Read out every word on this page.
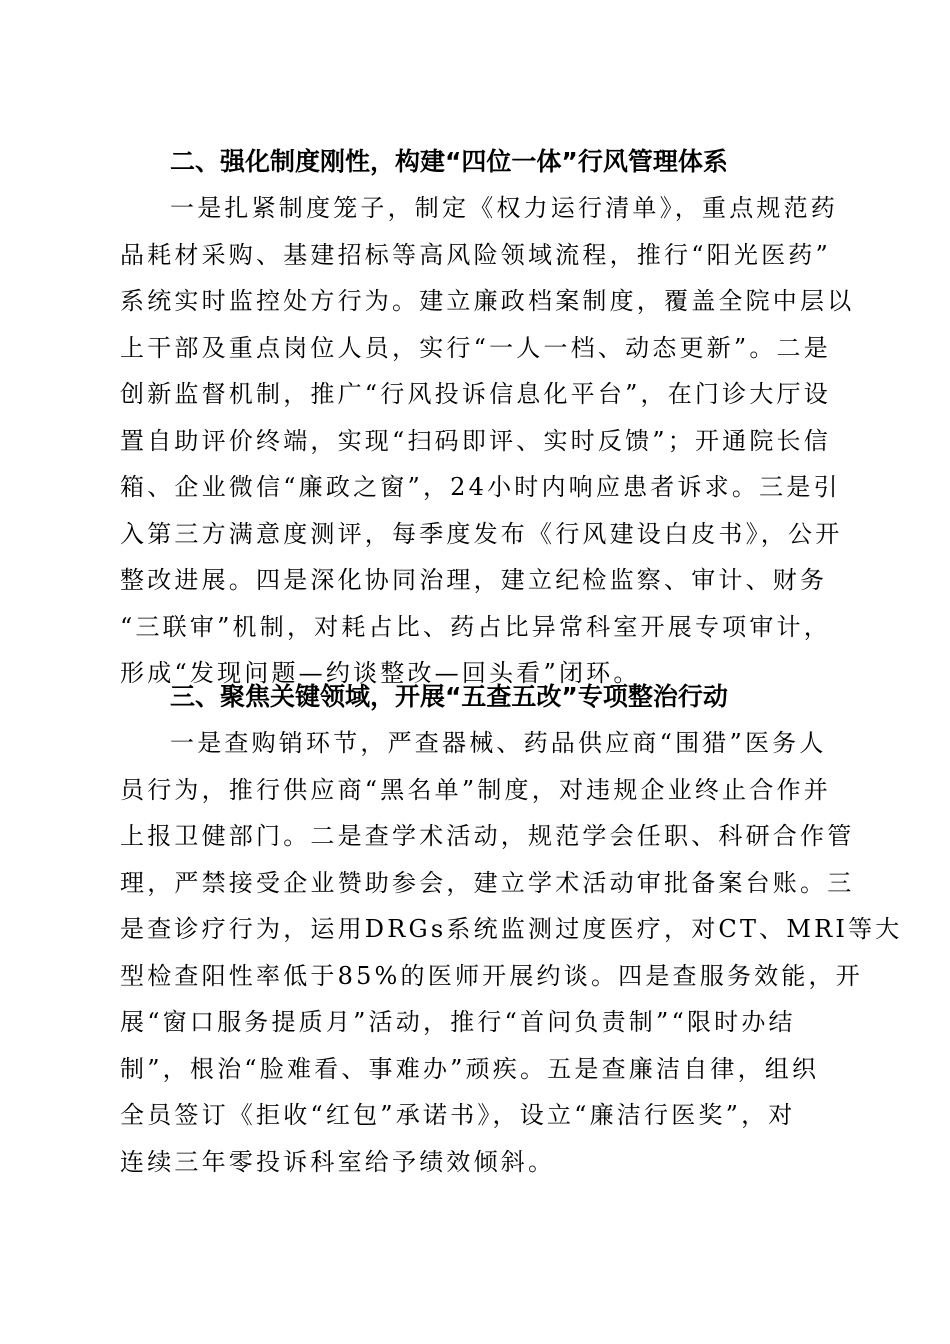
二、强化制度刚性，构建“四位一体”行风管理体系
一是扎紧制度笼子，制定《权力运行清单》，重点规范药
品耗材采购、基建招标等高风险领域流程，推行“阳光医药”
系统实时监控处方行为。建立廉政档案制度，覆盖全院中层以
上干部及重点岗位人员，实行“一人一档、动态更新”。二是
创新监督机制，推广“行风投诉信息化平台”，在门诊大厅设
置自助评价终端，实现“扫码即评、实时反馈”；开通院长信
箱、企业微信“廉政之窗”，24小时内响应患者诉求。三是引
入第三方满意度测评，每季度发布《行风建设白皮书》，公开
整改进展。四是深化协同治理，建立纪检监察、审计、财务
“三联审”机制，对耗占比、药占比异常科室开展专项审计，
形成“发现问题—约谈整改—回头看”闭环。
三、聚焦关键领域，开展“五查五改”专项整治行动
一是查购销环节，严查器械、药品供应商“围猎”医务人
员行为，推行供应商“黑名单”制度，对违规企业终止合作并
上报卫健部门。二是查学术活动，规范学会任职、科研合作管
理，严禁接受企业赞助参会，建立学术活动审批备案台账。三
是查诊疗行为，运用DRGs系统监测过度医疗，对CT、MRI等大
型检查阳性率低于85%的医师开展约谈。四是查服务效能，开
展“窗口服务提质月”活动，推行“首问负责制”“限时办结
制”，根治“脸难看、事难办”顽疾。五是查廉洁自律，组织
全员签订《拒收“红包”承诺书》，设立“廉洁行医奖”，对
连续三年零投诉科室给予绩效倾斜。
